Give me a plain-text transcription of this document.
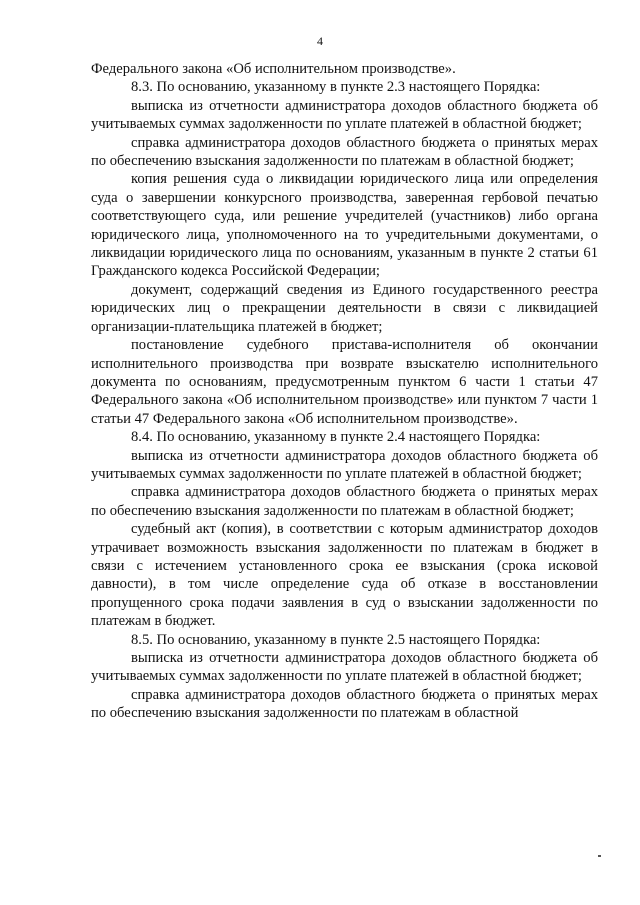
4

Федерального закона «Об исполнительном производстве».

8.3. По основанию, указанному в пункте 2.3 настоящего Порядка:

выписка из отчетности администратора доходов областного бюджета об учитываемых суммах задолженности по уплате платежей в областной бюджет;

справка администратора доходов областного бюджета о принятых мерах по обеспечению взыскания задолженности по платежам в областной бюджет;

копия решения суда о ликвидации юридического лица или определения суда о завершении конкурсного производства, заверенная гербовой печатью соответствующего суда, или решение учредителей (участников) либо органа юридического лица, уполномоченного на то учредительными документами, о ликвидации юридического лица по основаниям, указанным в пункте 2 статьи 61 Гражданского кодекса Российской Федерации;

документ, содержащий сведения из Единого государственного реестра юридических лиц о прекращении деятельности в связи с ликвидацией организации-плательщика платежей в бюджет;

постановление судебного пристава-исполнителя об окончании исполнительного производства при возврате взыскателю исполнительного документа по основаниям, предусмотренным пунктом 6 части 1 статьи 47 Федерального закона «Об исполнительном производстве» или пунктом 7 части 1 статьи 47 Федерального закона «Об исполнительном производстве».

8.4. По основанию, указанному в пункте 2.4 настоящего Порядка:

выписка из отчетности администратора доходов областного бюджета об учитываемых суммах задолженности по уплате платежей в областной бюджет;

справка администратора доходов областного бюджета о принятых мерах по обеспечению взыскания задолженности по платежам в областной бюджет;

судебный акт (копия), в соответствии с которым администратор доходов утрачивает возможность взыскания задолженности по платежам в бюджет в связи с истечением установленного срока ее взыскания (срока исковой давности), в том числе определение суда об отказе в восстановлении пропущенного срока подачи заявления в суд о взыскании задолженности по платежам в бюджет.

8.5. По основанию, указанному в пункте 2.5 настоящего Порядка:

выписка из отчетности администратора доходов областного бюджета об учитываемых суммах задолженности по уплате платежей в областной бюджет;

справка администратора доходов областного бюджета о принятых мерах по обеспечению взыскания задолженности по платежам в областной
